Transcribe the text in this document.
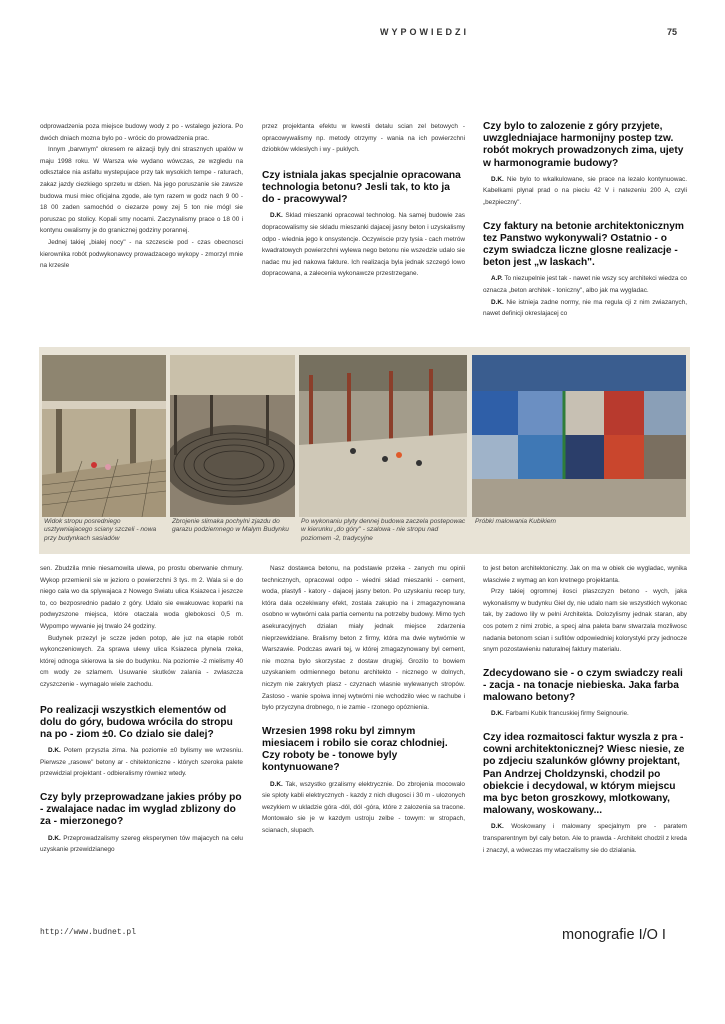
WYPOWIEDZI	75

odprowadzenia poza miejsce budowy wody z po - wstalego jeziora. Po dwóch dniach mozna bylo po - wrócic do prowadzenia prac.

Innym „barwnym" okresem re alizacji byly dni strasznych upalów w maju 1998 roku. W Warsza wie wydano wówczas, ze wzgledu na odksztalce nia asfaltu wystepujace przy tak wysokich tempe - raturach, zakaz jazdy ciezkiego sprzetu w dzien. Na jego poruszanie sie zawsze budowa musi miec oficjalna zgode, ale tym razem w godz nach 9 00 - 18 00 zaden samochód o ciezarze powy zej 5 ton nie mógl sie poruszac po stolicy. Kopali smy nocami. Zaczynalismy prace o 18 00 i kontynu owalismy je do granicznej godziny porannej.

Jednej takiej „bialej nocy" - na szczescie pod - czas obecnosci kierownika robót podwykonawcy prowadzacego wykopy - zmorzyl mnie na krzesle

przez projektanta efektu w kwestii detalu scian zel betowych - opracowywalismy np. metody otrzymy - wania na ich powierzchni dziobków wkleslych i wy - puklych.

Czy istniala jakas specjalnie opracowana technologia betonu? Jesli tak, to kto ja do - pracowywal?

D.K. Sklad mieszanki opracowal technolog. Na samej budowie zas dopracowalismy sie skladu mieszanki dajacej jasny beton i uzyskalismy odpo - wiednia jego k onsystencje. Oczywiscie przy tysia - cach metrów kwadratowych powierzchni wylewa nego betonu nie wszedzie udalo sie nadac mu jed nakowa fakture. Ich realizacja byla jednak szczegó lowo dopracowana, a zalecenia wykonawcze przestrzegane.

Czy bylo to zalozenie z góry przyjete, uwzgledniajace harmonijny postep tzw. robót mokrych prowadzonych zima, ujety w harmonogramie budowy?

D.K. Nie bylo to wkalkulowane, sie prace na lezalo kontynuowac. Kabelkami plynal prad o na pieciu 42 V i natezeniu 200 A, czyli „bezpieczny".

Czy faktury na betonie architektonicznym tez Panstwo wykonywali? Ostatnio - o czym swiadcza liczne glosne realizacje - beton jest „w laskach".

A.P. To niezupelnie jest tak - nawet nie wszy scy architekci wiedza co oznacza „beton architek - toniczny", albo jak ma wygladac.

D.K. Nie istnieja zadne normy, nie ma regula cji z nim zwiazanych, nawet definicji okreslajacej co

Widok stropu posredniego usztywniajacego sciany szczeli - nowa przy budynkach sasiadów
Zbrojenie slimaka pochylni zjazdu do garazu podziemnego w Malym Budynku
Po wykonaniu plyty dennej budowa zaczela postepowac w kierunku „do góry" - szalowa - nie stropu nad poziomem -2, tradycyjne
Próbki malowania Kubikiem

sen. Zbudzila mnie niesamowita ulewa, po prostu oberwanie chmury. Wykop przemienil sie w jezioro o powierzchni 3 tys. m 2. Wala si e do niego cala wo da splywajaca z Nowego Swiatu ulica Ksiazeca i jeszcze to, co bezposrednio padalo z góry. Udalo sie ewakuowac koparki na podwyzszone miejsca, które otaczala woda glebokosci 0,5 m. Wypompo wywanie jej trwalo 24 godziny.

Budynek przezyl je sczze jeden potop, ale juz na etapie robót wykonczeniowych. Za sprawa ulewy ulica Ksiazeca plynela rzeka, której odnoga skierowa la sie do budynku. Na poziomie -2 mielismy 40 cm wody ze szlamem. Usuwanie skutków zalania - zwlaszcza czyszczenie - wymagalo wiele zachodu.

Po realizacji wszystkich elementów od dolu do góry, budowa wrócila do stropu na po - ziom ±0. Co dzialo sie dalej?

D.K. Potem przyszla zima. Na poziomie ±0 bylismy we wrzesniu. Pierwsze „rasowe" betony ar - chitektoniczne - których szeroka palete przewidzial projektant - odbieralismy równiez wtedy.

Czy byly przeprowadzane jakies próby po - zwalajace nadac im wyglad zblizony do za - mierzonego?

D.K. Przeprowadzalismy szereg eksperymen tów majacych na celu uzyskanie przewidzianego

Nasz dostawca betonu, na podstawie przeka - zanych mu opinii technicznych, opracowal odpo - wiedni sklad mieszanki - cement, woda, plastyfi - katory - dajacej jasny beton. Po uzyskaniu recep tury, która dala oczekiwany efekt, zostala zakupio na i zmagazynowana osobno w wytwórni cala partia cementu na potrzeby budowy. Mimo tych asekuracyjnych dzialan mialy jednak miejsce zdarzenia nieprzewidziane. Bralismy beton z firmy, która ma dwie wytwórnie w Warszawie. Podczas awarii tej, w której zmagazynowany byl cement, nie mozna bylo skorzystac z dostaw drugiej. Grozilo to bowiem uzyskaniem odmiennego betonu architekto - nicznego w dolnych, niczym nie zakrytych plasz - czyznach wlasnie wylewanych stropów. Zastoso - wanie spoiwa innej wytwórni nie wchodzilo wiec w rachube i bylo przyczyna drobnego, n ie zamie - rzonego opóznienia.

Wrzesien 1998 roku byl zimnym miesiacem i robilo sie coraz chlodniej. Czy roboty be - tonowe byly kontynuowane?

D.K. Tak, wszystko grzalismy elektrycznie. Do zbrojenia mocowalo sie sploty kabli elektrycznych - kazdy z nich dlugosci i 30 m - ulozonych wezykiem w ukladzie góra -dól, dól -góra, które z zalozenia sa tracone. Montowalo sie je w kazdym ustroju zelbe - towym: w stropach, scianach, slupach.

to jest beton architektoniczny. Jak on ma w obiek cie wygladac, wynika wlasciwie z wymag an kon kretnego projektanta.

Przy takiej ogromnej ilosci plaszczyzn betono - wych, jaka wykonalismy w budynku Giel dy, nie udalo nam sie wszystkich wykonac tak, by zadowo lily w pelni Architekta. Dolozylismy jednak staran, aby cos potem z nimi zrobic, a specj alna paleta barw stwarzala mozliwosc nadania betonom scian i sufitów odpowiedniej kolorystyki przy jednocze snym pozostawieniu naturalnej faktury materialu.

Zdecydowano sie - o czym swiadczy reali - zacja - na tonacje niebieska. Jaka farba malowano betony?

D.K. Farbami Kubik francuskiej firmy Seignourie.

Czy idea rozmaitosci faktur wyszla z pra - cowni architektonicznej? Wiesc niesie, ze po zdjeciu szalunków glówny projektant, Pan Andrzej Choldzynski, chodzil po obiekcie i decydowal, w którym miejscu ma byc beton groszkowy, mlotkowany, malowany, woskowany...

D.K. Woskowany i malowany specjalnym pre - paratem transparentnym byl caly beton. Ale to prawda - Architekt chodzil z kreda i znaczyl, a wówczas my wtaczalismy sie do dzialania.

http://www.budnet.pl	monografie I/O I
